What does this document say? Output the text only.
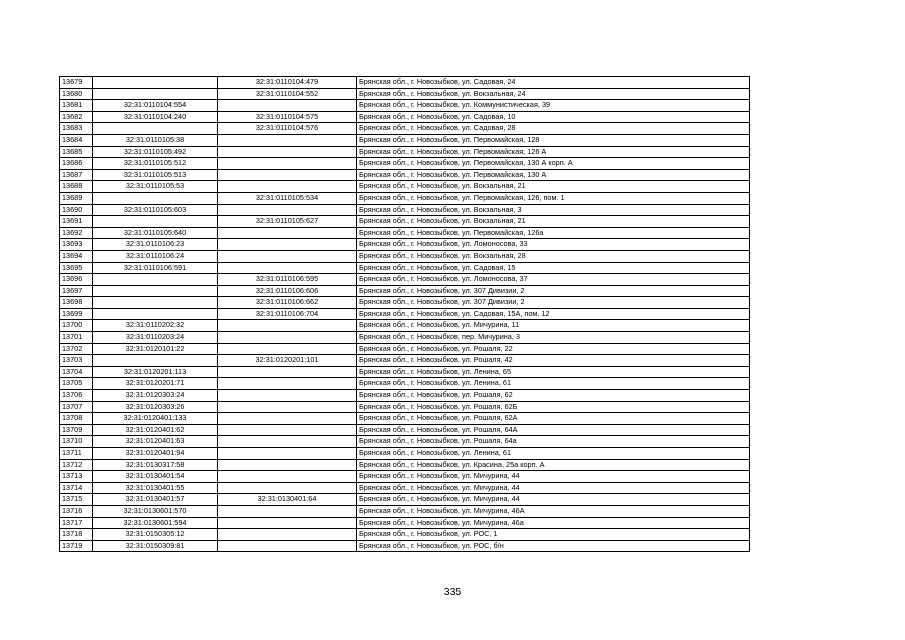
13679		32:31:0110104:479	Брянская обл., г. Новозыбков, ул. Садовая, 24
13680		32:31:0110104:552	Брянская обл., г. Новозыбков, ул. Вокзальная, 24
13681	32:31:0110104:554		Брянская обл., г. Новозыбков, ул. Коммунистическая, 39
13682	32:31:0110104:240	32:31:0110104:575	Брянская обл., г. Новозыбков, ул. Садовая, 10
13683		32:31:0110104:576	Брянская обл., г. Новозыбков, ул. Садовая, 28
13684	32:31:0110105:38		Брянская обл., г. Новозыбков, ул. Первомайская, 128
13685	32:31:0110105:492		Брянская обл., г. Новозыбков, ул. Первомайская, 126 А
13686	32:31:0110105:512		Брянская обл., г. Новозыбков, ул. Первомайская, 130 А корп. А
13687	32:31:0110105:513		Брянская обл., г. Новозыбков, ул. Первомайская, 130 А
13688	32:31:0110105:53		Брянская обл., г. Новозыбков, ул. Вокзальная, 21
13689		32:31:0110105:534	Брянская обл., г. Новозыбков, ул. Первомайская, 126, пом. 1
13690	32:31:0110105:603		Брянская обл., г. Новозыбков, ул. Вокзальная, 3
13691		32:31:0110105:627	Брянская обл., г. Новозыбков, ул. Вокзальная, 21
13692	32:31:0110105:640		Брянская обл., г. Новозыбков, ул. Первомайская, 126а
13693	32:31:0110106:23		Брянская обл., г. Новозыбков, ул. Ломоносова, 33
13694	32:31:0110106:24		Брянская обл., г. Новозыбков, ул. Вокзальная, 28
13695	32:31:0110106:591		Брянская обл., г. Новозыбков, ул. Садовая, 15
13696		32:31:0110106:595	Брянская обл., г. Новозыбков, ул. Ломоносова, 37
13697		32:31:0110106:606	Брянская обл., г. Новозыбков, ул. 307 Дивизии, 2
13698		32:31:0110106:662	Брянская обл., г. Новозыбков, ул. 307 Дивизии, 2
13699		32:31:0110106:704	Брянская обл., г. Новозыбков, ул. Садовая, 15А, пом. 12
13700	32:31:0110202:32		Брянская обл., г. Новозыбков, ул. Мичурина, 11
13701	32:31:0110203:24		Брянская обл., г. Новозыбков, пер. Мичурина, 3
13702	32:31:0120101:22		Брянская обл., г. Новозыбков, ул. Рошаля, 22
13703		32:31:0120201:101	Брянская обл., г. Новозыбков, ул. Рошаля, 42
13704	32:31:0120201:113		Брянская обл., г. Новозыбков, ул. Ленина, 65
13705	32:31:0120201:71		Брянская обл., г. Новозыбков, ул. Ленина, 61
13706	32:31:0120303:24		Брянская обл., г. Новозыбков, ул. Рошаля, 62
13707	32:31:0120303:26		Брянская обл., г. Новозыбков, ул. Рошаля, 62Б
13708	32:31:0120401:133		Брянская обл., г. Новозыбков, ул. Рошаля, 62А
13709	32:31:0120401:62		Брянская обл., г. Новозыбков, ул. Рошаля, 64А
13710	32:31:0120401:63		Брянская обл., г. Новозыбков, ул. Рошаля, 64а
13711	32:31:0120401:94		Брянская обл., г. Новозыбков, ул. Ленина, 61
13712	32:31:0130317:58		Брянская обл., г. Новозыбков, ул. Красина, 25а корп. А
13713	32:31:0130401:54		Брянская обл., г. Новозыбков, ул. Мичурина, 44
13714	32:31:0130401:55		Брянская обл., г. Новозыбков, ул. Мичурина, 44
13715	32:31:0130401:57	32:31:0130401:64	Брянская обл., г. Новозыбков, ул. Мичурина, 44
13716	32:31:0130601:570		Брянская обл., г. Новозыбков, ул. Мичурина, 46А
13717	32:31:0130601:594		Брянская обл., г. Новозыбков, ул. Мичурина, 46а
13718	32:31:0150305:12		Брянская обл., г. Новозыбков, ул. РОС, 1
13719	32:31:0150309:81		Брянская обл., г. Новозыбков, ул. РОС, б/н
335
